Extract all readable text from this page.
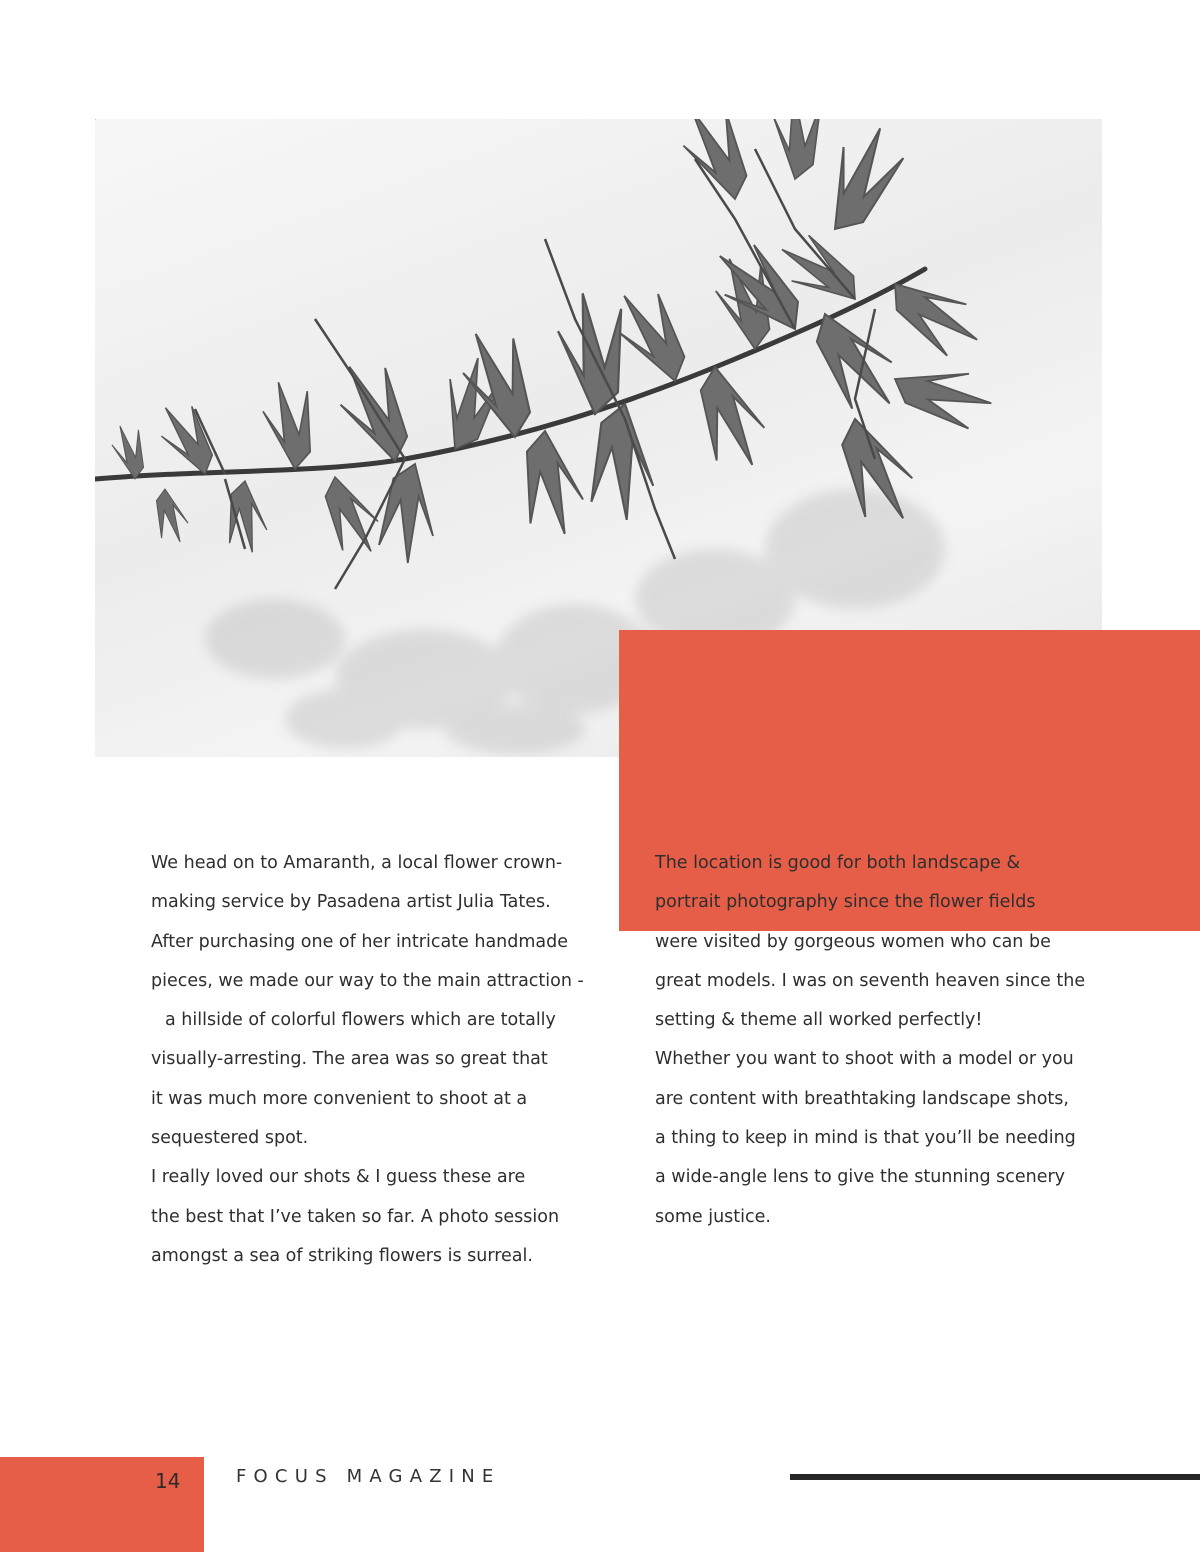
We head on to Amaranth, a local flower crown-
making service by Pasadena artist Julia Tates.
After purchasing one of her intricate handmade
pieces, we made our way to the main attraction -
a hillside of colorful flowers which are totally
visually-arresting. The area was so great that
it was much more convenient to shoot at a
sequestered spot.
I really loved our shots & I guess these are
the best that I’ve taken so far. A photo session
amongst a sea of striking flowers is surreal.
The location is good for both landscape &
portrait photography since the flower fields
were visited by gorgeous women who can be
great models. I was on seventh heaven since the
setting & theme all worked perfectly!
Whether you want to shoot with a model or you
are content with breathtaking landscape shots,
a thing to keep in mind is that you’ll be needing
a wide-angle lens to give the stunning scenery
some justice.
14	FOCUS MAGAZINE
